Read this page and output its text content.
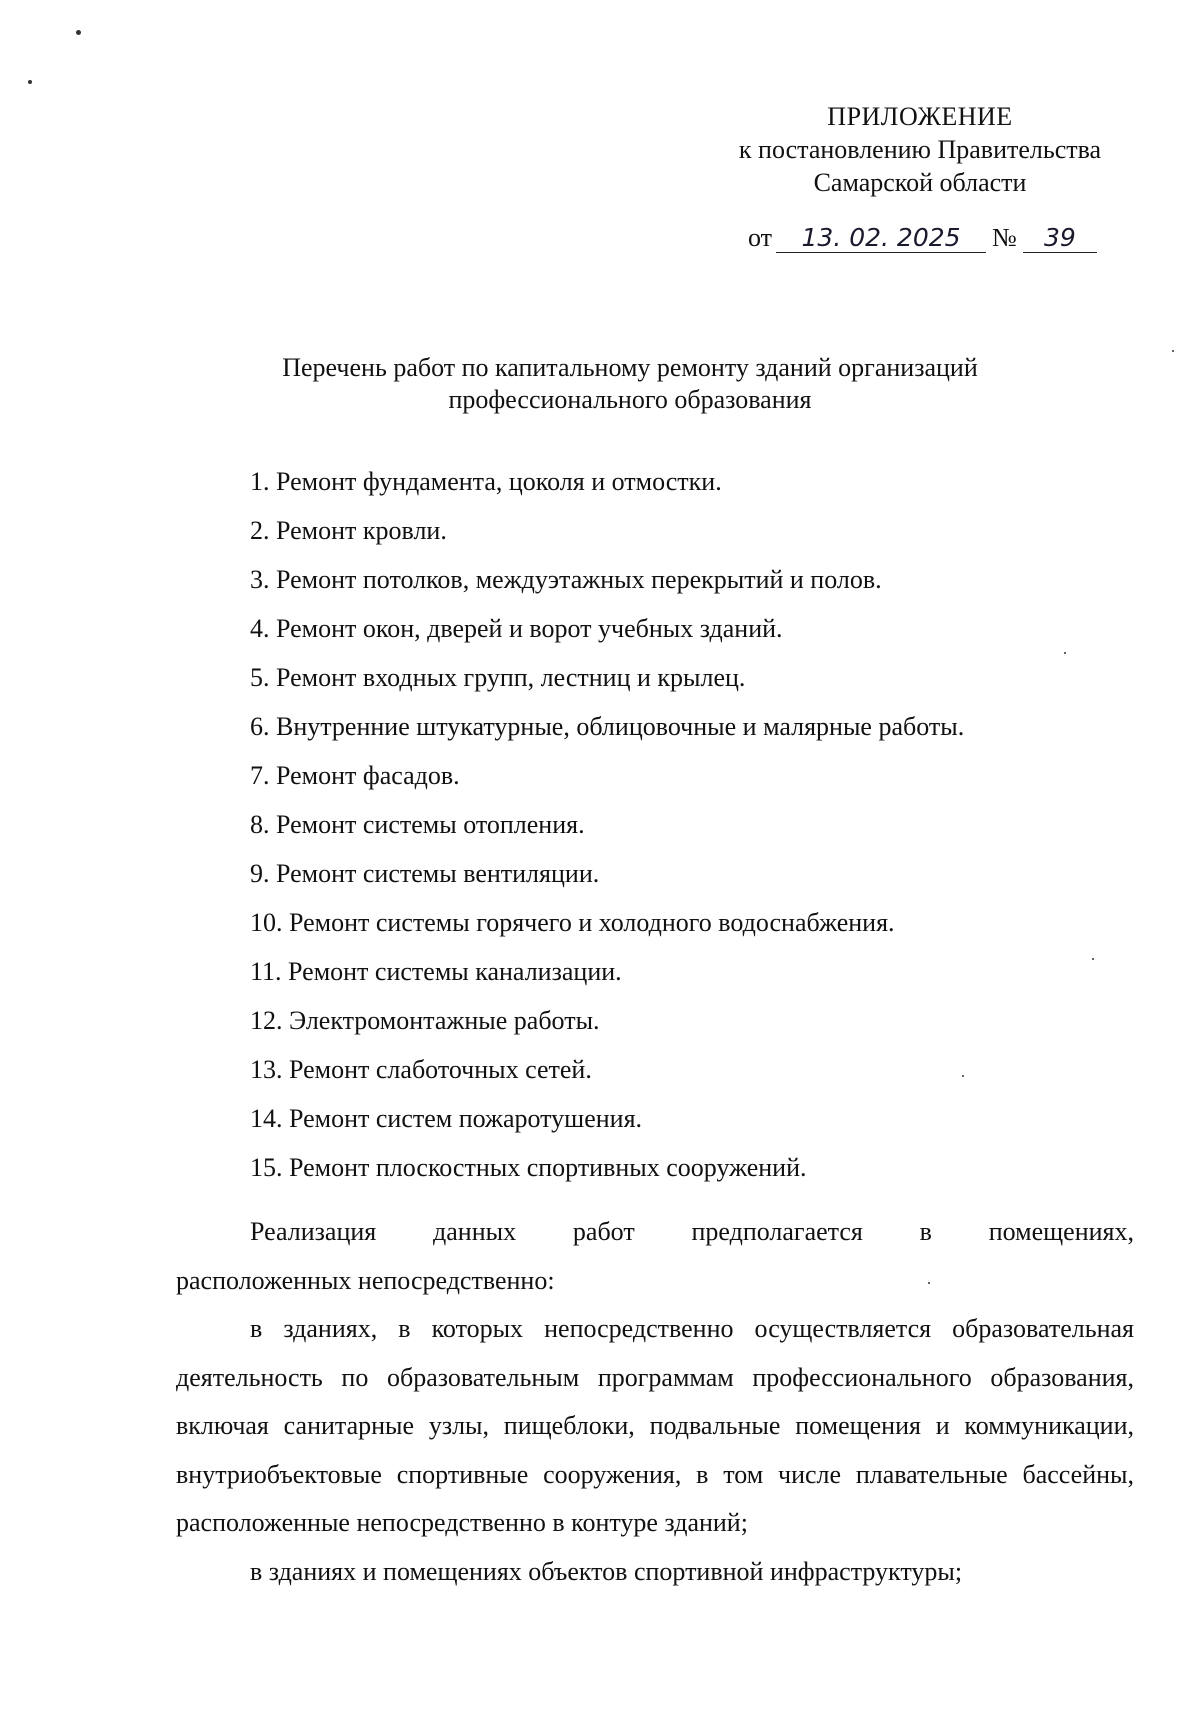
ПРИЛОЖЕНИЕ
к постановлению Правительства
Самарской области
от 13. 02. 2025 № 39
Перечень работ по капитальному ремонту зданий организаций
профессионального образования
1. Ремонт фундамента, цоколя и отмостки.
2. Ремонт кровли.
3. Ремонт потолков, междуэтажных перекрытий и полов.
4. Ремонт окон, дверей и ворот учебных зданий.
5. Ремонт входных групп, лестниц и крылец.
6. Внутренние штукатурные, облицовочные и малярные работы.
7. Ремонт фасадов.
8. Ремонт системы отопления.
9. Ремонт системы вентиляции.
10. Ремонт системы горячего и холодного водоснабжения.
11. Ремонт системы канализации.
12. Электромонтажные работы.
13. Ремонт слаботочных сетей.
14. Ремонт систем пожаротушения.
15. Ремонт плоскостных спортивных сооружений.

Реализация данных работ предполагается в помещениях,

расположенных непосредственно:

в зданиях, в которых непосредственно осуществляется образовательная деятельность по образовательным программам профессионального образования, включая санитарные узлы, пищеблоки, подвальные помещения и коммуникации, внутриобъектовые спортивные сооружения, в том числе плавательные бассейны, расположенные непосредственно в контуре зданий;

в зданиях и помещениях объектов спортивной инфраструктуры;
